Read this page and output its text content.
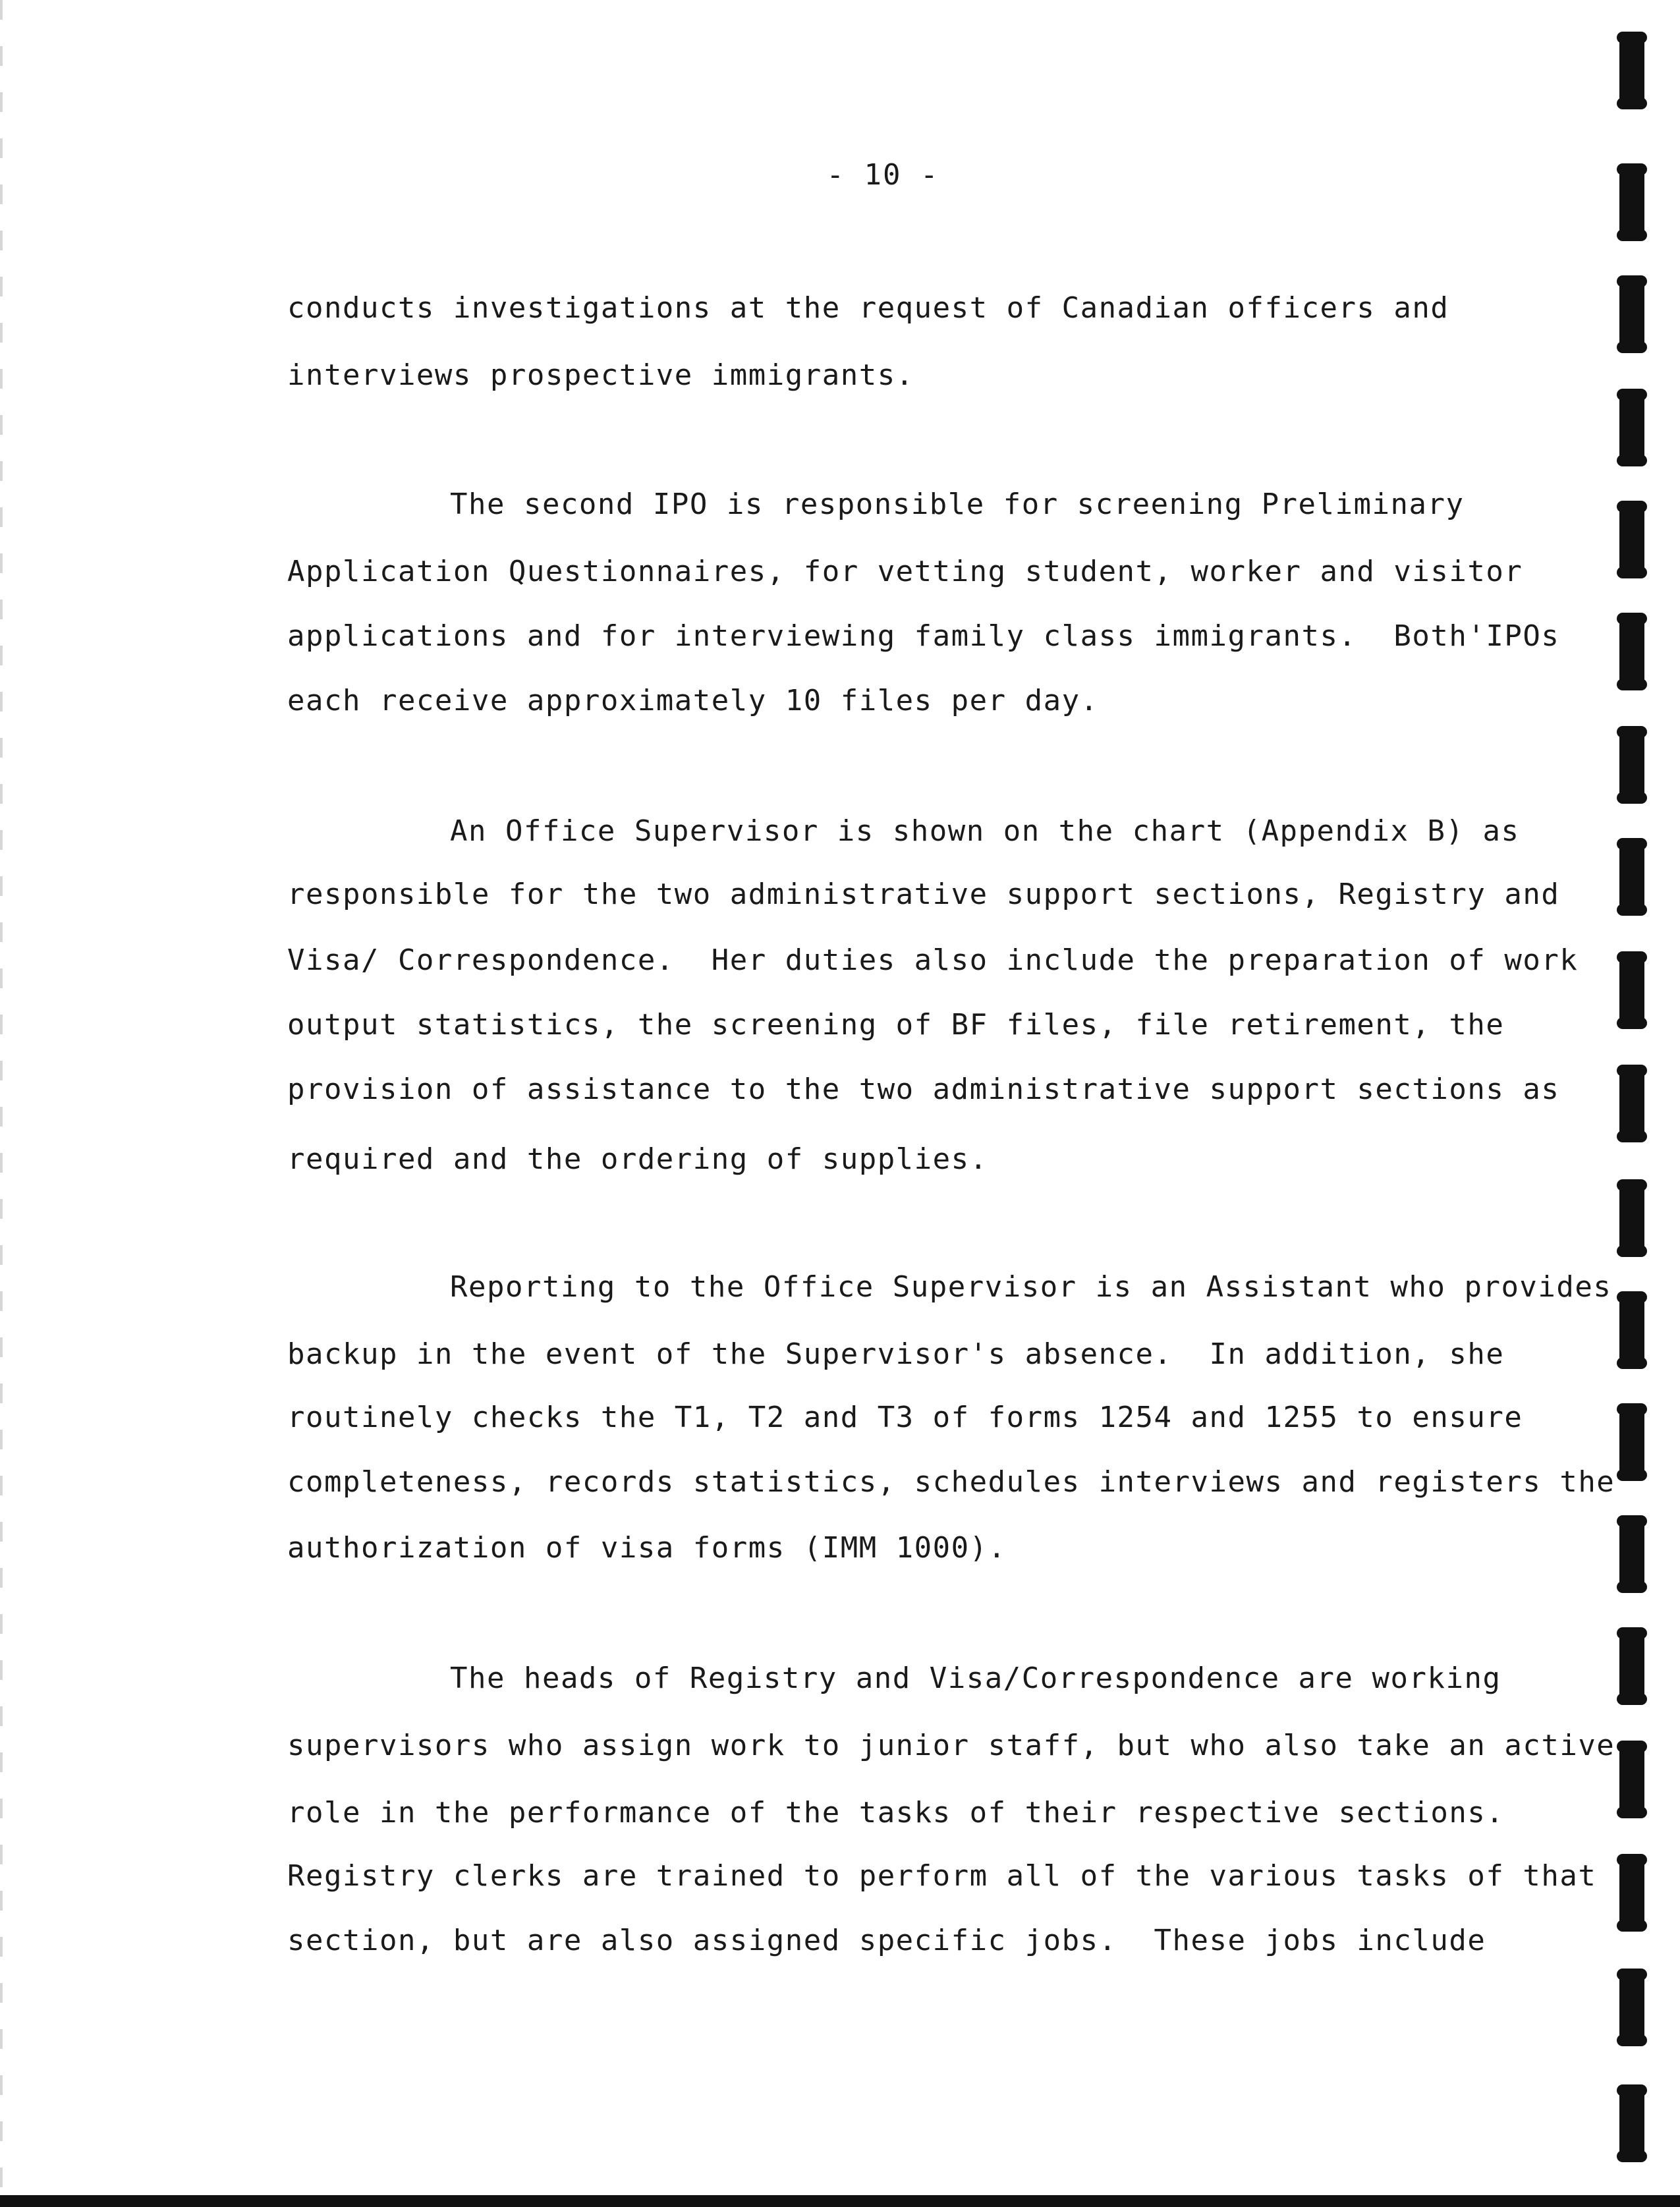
- 10 -
conducts investigations at the request of Canadian officers and
interviews prospective immigrants.
The second IPO is responsible for screening Preliminary
Application Questionnaires, for vetting student, worker and visitor
applications and for interviewing family class immigrants.  Both'IPOs
each receive approximately 10 files per day.
An Office Supervisor is shown on the chart (Appendix B) as
responsible for the two administrative support sections, Registry and
Visa/ Correspondence.  Her duties also include the preparation of work
output statistics, the screening of BF files, file retirement, the
provision of assistance to the two administrative support sections as
required and the ordering of supplies.
Reporting to the Office Supervisor is an Assistant who provides
backup in the event of the Supervisor's absence.  In addition, she
routinely checks the T1, T2 and T3 of forms 1254 and 1255 to ensure
completeness, records statistics, schedules interviews and registers the
authorization of visa forms (IMM 1000).
The heads of Registry and Visa/Correspondence are working
supervisors who assign work to junior staff, but who also take an active
role in the performance of the tasks of their respective sections.
Registry clerks are trained to perform all of the various tasks of that
section, but are also assigned specific jobs.  These jobs include
